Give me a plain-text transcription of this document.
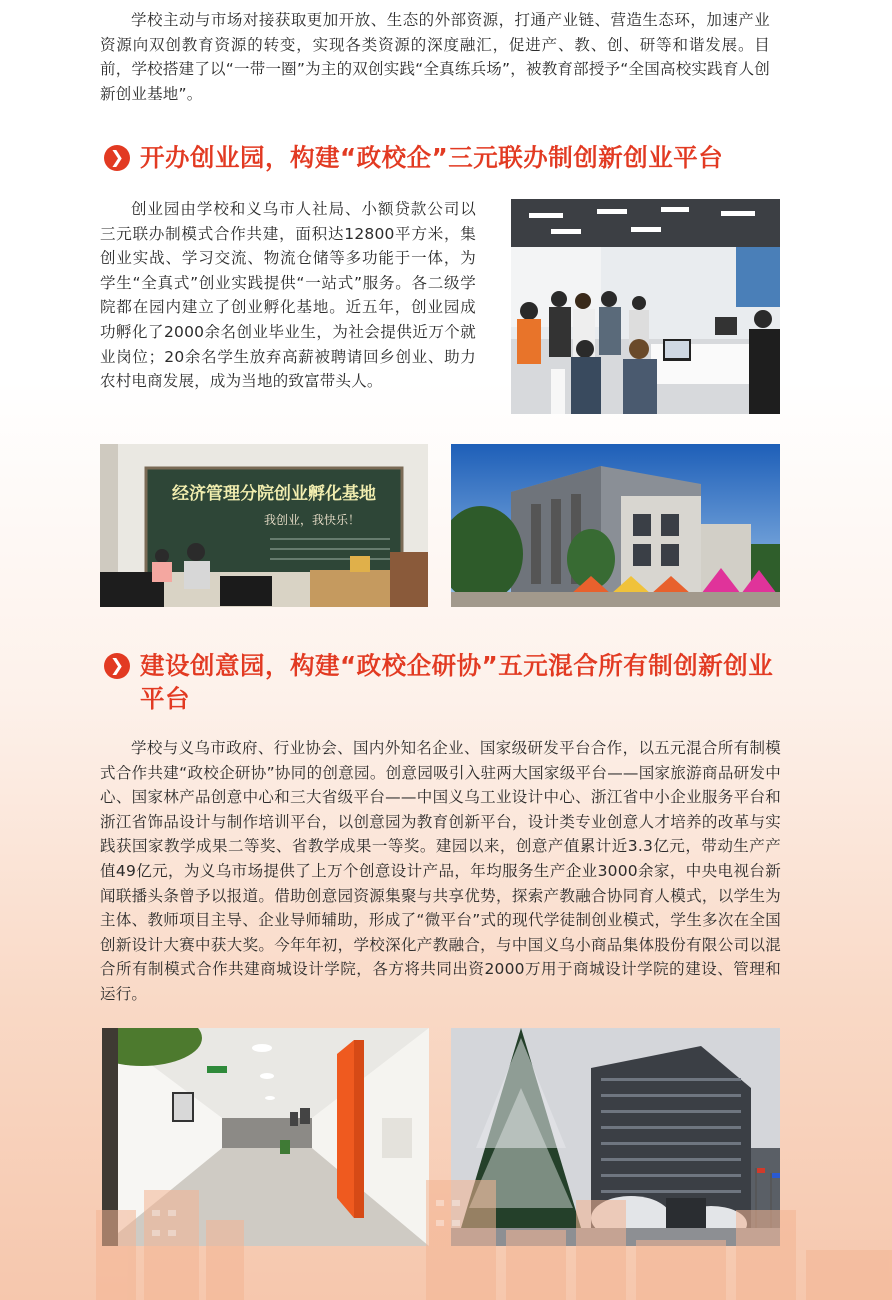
学校主动与市场对接获取更加开放、生态的外部资源，打通产业链、营造生态环，加速产业资源向双创教育资源的转变，实现各类资源的深度融汇，促进产、教、创、研等和谐发展。目前，学校搭建了以“一带一圈”为主的双创实践“全真练兵场”，被教育部授予“全国高校实践育人创新创业基地”。

❯ 开办创业园，构建“政校企”三元联办制创新创业平台

创业园由学校和义乌市人社局、小额贷款公司以三元联办制模式合作共建，面积达12800平方米，集创业实战、学习交流、物流仓储等多功能于一体，为学生“全真式”创业实践提供“一站式”服务。各二级学院都在园内建立了创业孵化基地。近五年，创业园成功孵化了2000余名创业毕业生，为社会提供近万个就业岗位；20余名学生放弃高薪被聘请回乡创业、助力农村电商发展，成为当地的致富带头人。

经济管理分院创业孵化基地
我创业，我快乐！
❯ 建设创意园，构建“政校企研协”五元混合所有制创新创业平台

学校与义乌市政府、行业协会、国内外知名企业、国家级研发平台合作，以五元混合所有制模式合作共建“政校企研协”协同的创意园。创意园吸引入驻两大国家级平台——国家旅游商品研发中心、国家林产品创意中心和三大省级平台——中国义乌工业设计中心、浙江省中小企业服务平台和浙江省饰品设计与制作培训平台，以创意园为教育创新平台，设计类专业创意人才培养的改革与实践获国家教学成果二等奖、省教学成果一等奖。建园以来，创意产值累计近3.3亿元，带动生产产值49亿元，为义乌市场提供了上万个创意设计产品，年均服务生产企业3000余家，中央电视台新闻联播头条曾予以报道。借助创意园资源集聚与共享优势，探索产教融合协同育人模式，以学生为主体、教师项目主导、企业导师辅助，形成了“微平台”式的现代学徒制创业模式，学生多次在全国创新设计大赛中获大奖。今年年初，学校深化产教融合，与中国义乌小商品集体股份有限公司以混合所有制模式合作共建商城设计学院，各方将共同出资2000万用于商城设计学院的建设、管理和运行。
